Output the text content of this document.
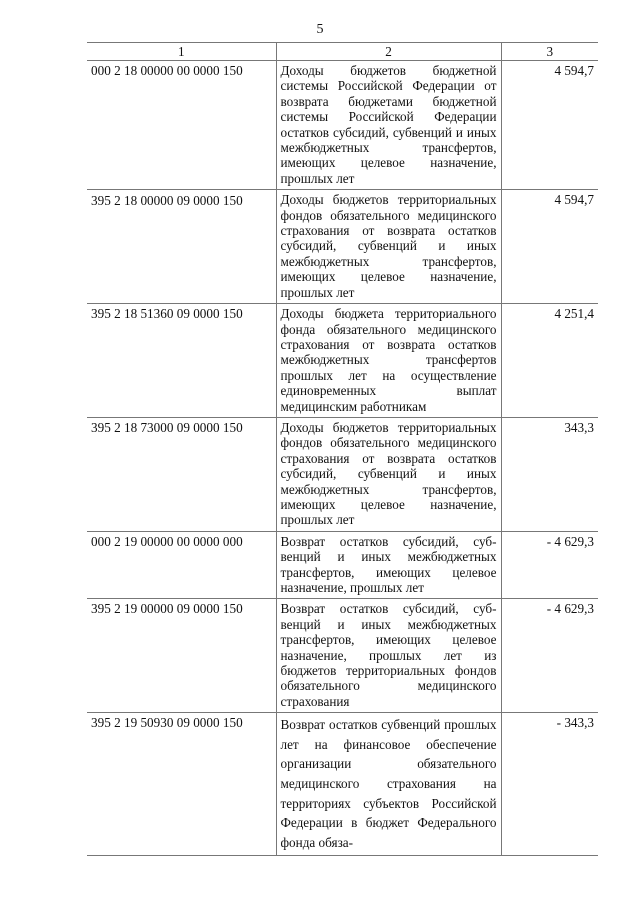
5
1	2	3
000 2 18 00000 00 0000 150	Доходы бюджетов бюджетной системы Российской Федерации от возврата бюджетами бюджетной системы Российской Федерации остатков субсидий, субвенций и иных межбюджетных трансфертов, имеющих целевое назначение, прошлых лет	4 594,7
395 2 18 00000 09 0000 150	Доходы бюджетов территориальных фондов обязательного медицинского страхования от возврата остатков субсидий, субвенций и иных межбюджетных трансфертов, имеющих целевое назначение, прошлых лет	4 594,7
395 2 18 51360 09 0000 150	Доходы бюджета территориального фонда обязательного медицинского страхования от возврата остатков межбюджетных трансфертов прошлых лет на осуществление единовременных выплат медицинским работникам	4 251,4
395 2 18 73000 09 0000 150	Доходы бюджетов территориальных фондов обязательного медицинского страхования от возврата остатков субсидий, субвенций и иных межбюджетных трансфертов, имеющих целевое назначение, прошлых лет	343,3
000 2 19 00000 00 0000 000	Возврат остатков субсидий, субвенций и иных межбюджетных трансфертов, имеющих целевое назначение, прошлых лет	- 4 629,3
395 2 19 00000 09 0000 150	Возврат остатков субсидий, субвенций и иных межбюджетных трансфертов, имеющих целевое назначение, прошлых лет из бюджетов территориальных фондов обязательного медицинского страхования	- 4 629,3
395 2 19 50930 09 0000 150	Возврат остатков субвенций прошлых лет на финансовое обеспечение организации обязательного медицинского страхования на территориях субъектов Российской Федерации в бюджет Федерального фонда обяза-	- 343,3
